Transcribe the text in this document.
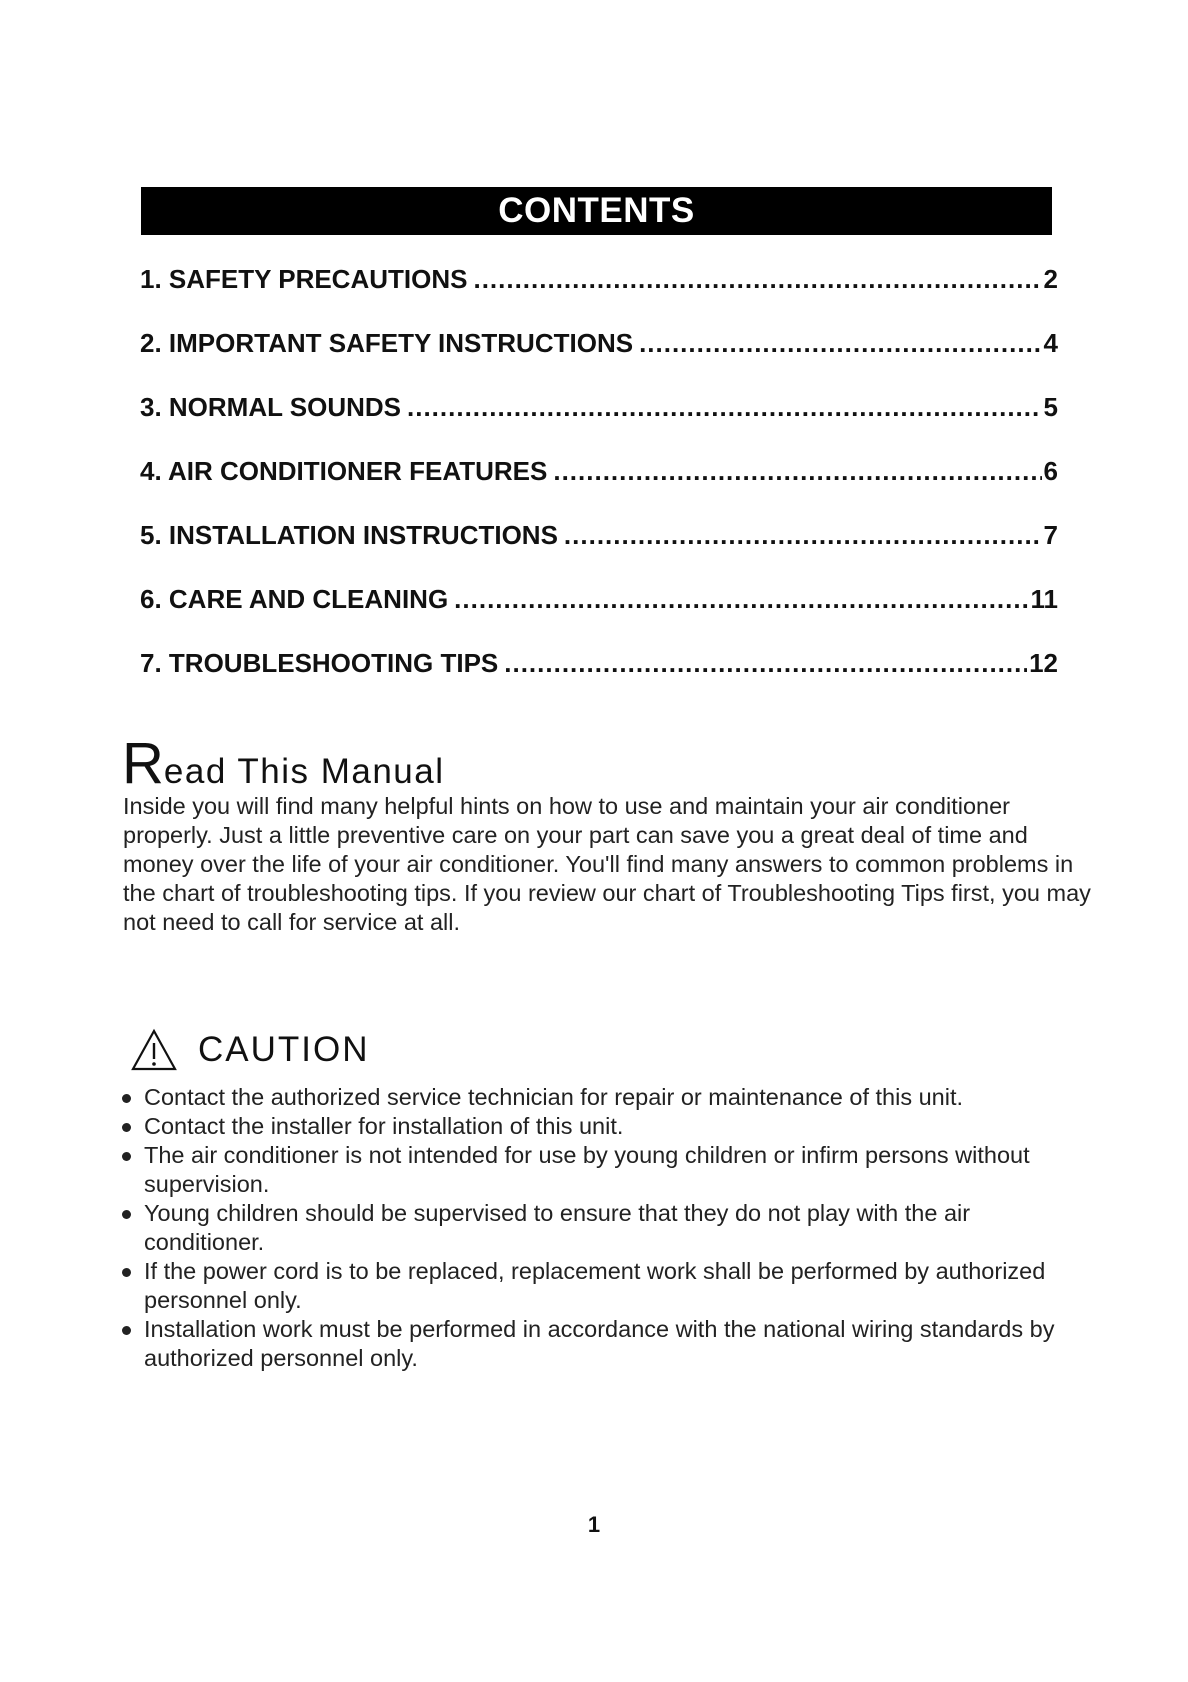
CONTENTS
1. SAFETY PRECAUTIONS .....	2
2. IMPORTANT SAFETY INSTRUCTIONS .....	4
3. NORMAL SOUNDS .....	5
4. AIR CONDITIONER FEATURES .....	6
5. INSTALLATION INSTRUCTIONS .....	7
6. CARE AND CLEANING .....	11
7. TROUBLESHOOTING TIPS .....	12
Read This Manual
Inside you will find many helpful hints on how to use and maintain your air conditioner properly. Just a little preventive care on your part can save you a great deal of time and money over the life of your air conditioner. You'll find many answers to common problems in the chart of troubleshooting tips. If you review our chart of Troubleshooting Tips first, you may not need to call for service at all.
CAUTION
Contact the authorized service technician for repair or maintenance of this unit.
Contact the installer for installation of this unit.
The air conditioner is not intended for use by young children or infirm persons without supervision.
Young children should be supervised to ensure that they do not play with the air conditioner.
If the power cord is to be replaced, replacement work shall be performed by authorized personnel only.
Installation work must be performed in accordance with the national wiring standards by authorized personnel only.
1
